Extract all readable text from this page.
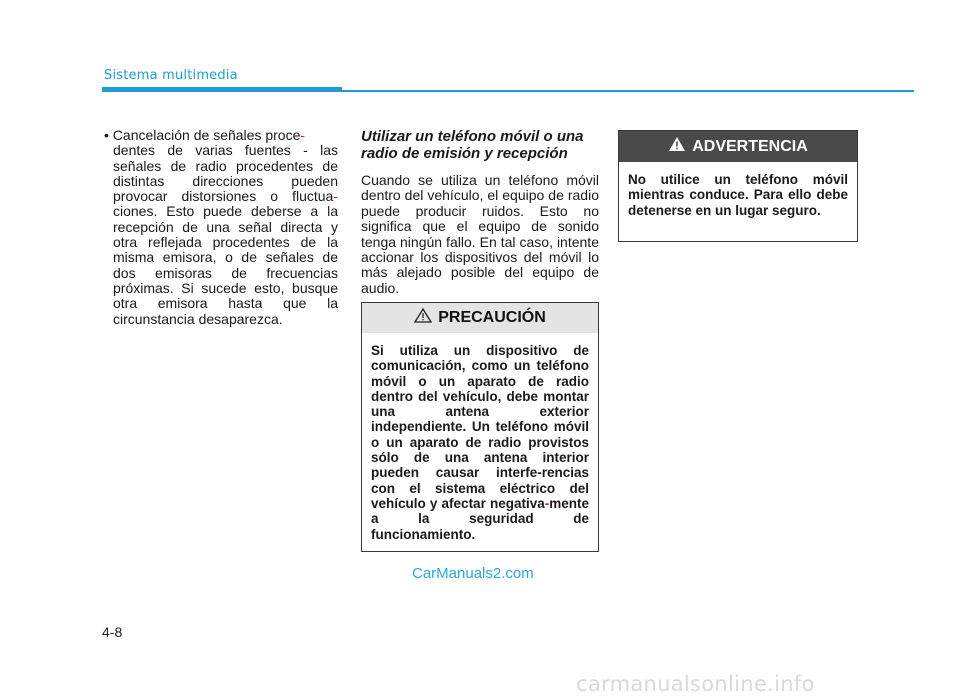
Sistema multimedia

• Cancelación de señales proce-
dentes de varias fuentes - las señales de radio procedentes de distintas direcciones pueden provocar distorsiones o fluctua-ciones. Esto puede deberse a la recepción de una señal directa y otra reflejada procedentes de la misma emisora, o de señales de dos emisoras de frecuencias próximas. Si sucede esto, busque otra emisora hasta que la circunstancia desaparezca.

Utilizar un teléfono móvil o una radio de emisión y recepción

Cuando se utiliza un teléfono móvil dentro del vehículo, el equipo de radio puede producir ruidos. Esto no significa que el equipo de sonido tenga ningún fallo. En tal caso, intente accionar los dispositivos del móvil lo más alejado posible del equipo de audio.

PRECAUCIÓN
Si utiliza un dispositivo de comunicación, como un teléfono móvil o un aparato de radio dentro del vehículo, debe montar una antena exterior independiente. Un teléfono móvil o un aparato de radio provistos sólo de una antena interior pueden causar interfe-rencias con el sistema eléctrico del vehículo y afectar negativa-mente a la seguridad de funcionamiento.
ADVERTENCIA
No utilice un teléfono móvil mientras conduce. Para ello debe detenerse en un lugar seguro.
CarManuals2.com
4-8
carmanualsonline.info
